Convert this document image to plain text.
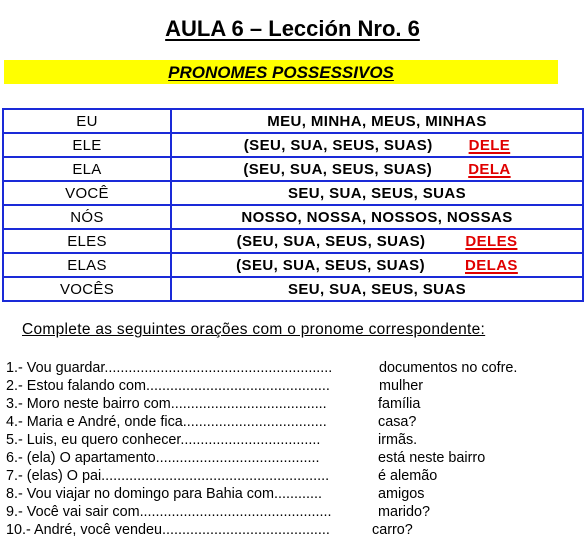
AULA 6 – Lección Nro. 6
PRONOMES POSSESSIVOS
EU	MEU, MINHA, MEUS, MINHAS
ELE	(SEU, SUA, SEUS, SUAS) DELE
ELA	(SEU, SUA, SEUS, SUAS) DELA
VOCÊ	SEU, SUA, SEUS, SUAS
NÓS	NOSSO, NOSSA, NOSSOS, NOSSAS
ELES	(SEU, SUA, SEUS, SUAS) DELES
ELAS	(SEU, SUA, SEUS, SUAS) DELAS
VOCÊS	SEU, SUA, SEUS, SUAS
Complete as seguintes orações com o pronome correspondente:
1.- Vou guardar.........................................................	documentos no cofre.
2.- Estou falando com..............................................	mulher
3.- Moro neste bairro com.......................................	família
4.- Maria e André, onde fica....................................	casa?
5.- Luis, eu quero conhecer...................................	irmãs.
6.- (ela) O apartamento.........................................	está neste bairro
7.- (elas) O pai.........................................................	é alemão
8.- Vou viajar no domingo para Bahia com............	amigos
9.- Você vai sair com................................................	marido?
10.- André, você vendeu..........................................	carro?
